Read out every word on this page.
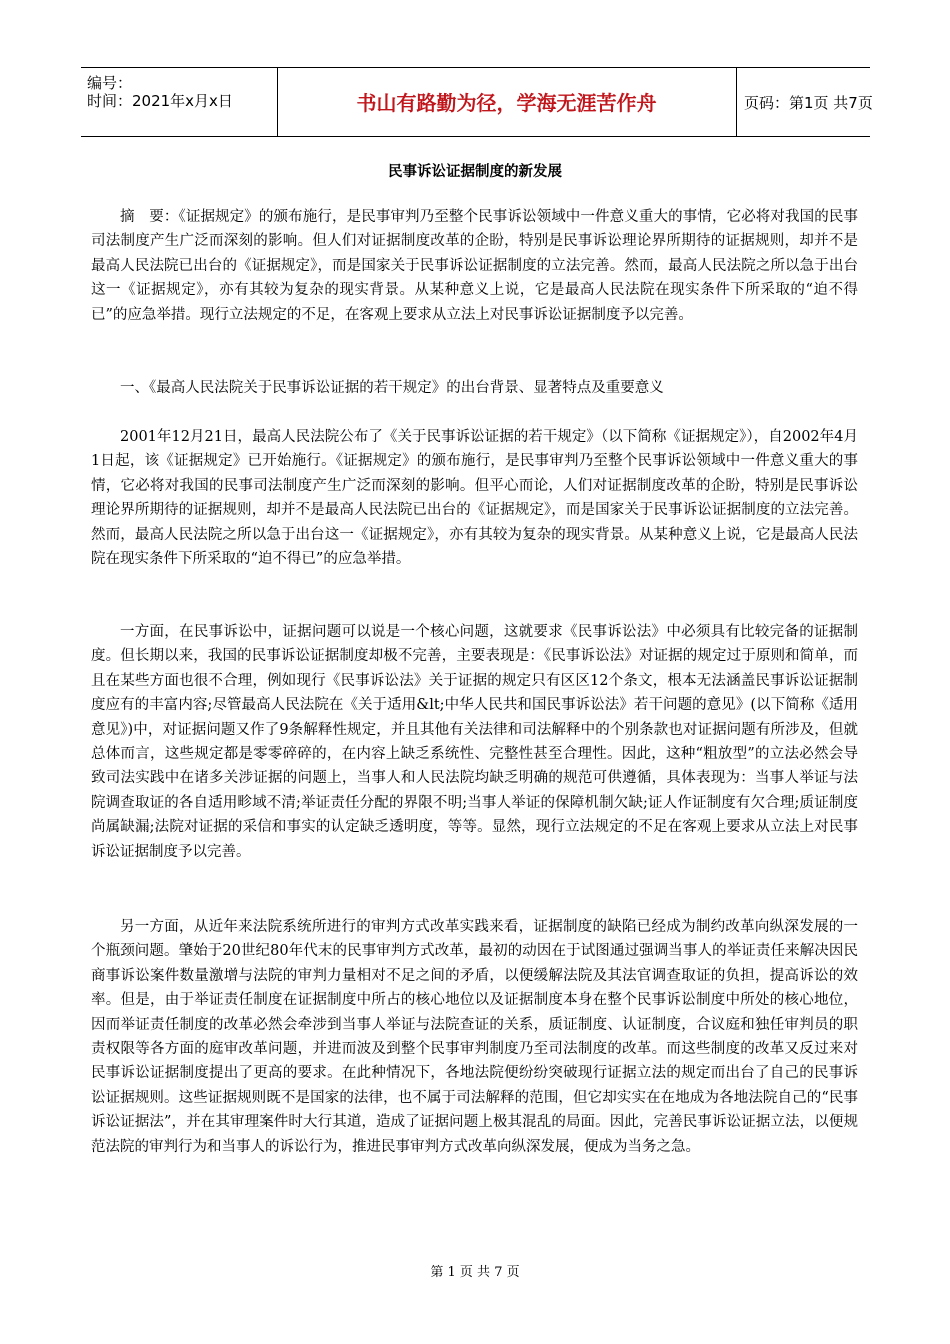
编号：
时间：2021年x月x日	书山有路勤为径，学海无涯苦作舟	页码：第1页 共7页
民事诉讼证据制度的新发展

摘　要：《证据规定》的颁布施行，是民事审判乃至整个民事诉讼领域中一件意义重大的事情，它必将对我国的民事司法制度产生广泛而深刻的影响。但人们对证据制度改革的企盼，特别是民事诉讼理论界所期待的证据规则，却并不是最高人民法院已出台的《证据规定》，而是国家关于民事诉讼证据制度的立法完善。然而，最高人民法院之所以急于出台这一《证据规定》，亦有其较为复杂的现实背景。从某种意义上说，它是最高人民法院在现实条件下所采取的“迫不得已”的应急举措。现行立法规定的不足，在客观上要求从立法上对民事诉讼证据制度予以完善。

一、《最高人民法院关于民事诉讼证据的若干规定》的出台背景、显著特点及重要意义

2001年12月21日，最高人民法院公布了《关于民事诉讼证据的若干规定》（以下简称《证据规定》），自2002年4月1日起，该《证据规定》已开始施行。《证据规定》的颁布施行，是民事审判乃至整个民事诉讼领域中一件意义重大的事情，它必将对我国的民事司法制度产生广泛而深刻的影响。但平心而论，人们对证据制度改革的企盼，特别是民事诉讼理论界所期待的证据规则，却并不是最高人民法院已出台的《证据规定》，而是国家关于民事诉讼证据制度的立法完善。然而，最高人民法院之所以急于出台这一《证据规定》，亦有其较为复杂的现实背景。从某种意义上说，它是最高人民法院在现实条件下所采取的“迫不得已”的应急举措。

一方面，在民事诉讼中，证据问题可以说是一个核心问题，这就要求《民事诉讼法》中必须具有比较完备的证据制度。但长期以来，我国的民事诉讼证据制度却极不完善，主要表现是：《民事诉讼法》对证据的规定过于原则和简单，而且在某些方面也很不合理，例如现行《民事诉讼法》关于证据的规定只有区区12个条文，根本无法涵盖民事诉讼证据制度应有的丰富内容;尽管最高人民法院在《关于适用&lt;中华人民共和国民事诉讼法》若干问题的意见》(以下简称《适用意见》)中，对证据问题又作了9条解释性规定，并且其他有关法律和司法解释中的个别条款也对证据问题有所涉及，但就总体而言，这些规定都是零零碎碎的，在内容上缺乏系统性、完整性甚至合理性。因此，这种“粗放型”的立法必然会导致司法实践中在诸多关涉证据的问题上，当事人和人民法院均缺乏明确的规范可供遵循，具体表现为：当事人举证与法院调查取证的各自适用畛域不清;举证责任分配的界限不明;当事人举证的保障机制欠缺;证人作证制度有欠合理;质证制度尚属缺漏;法院对证据的采信和事实的认定缺乏透明度，等等。显然，现行立法规定的不足在客观上要求从立法上对民事诉讼证据制度予以完善。

另一方面，从近年来法院系统所进行的审判方式改革实践来看，证据制度的缺陷已经成为制约改革向纵深发展的一个瓶颈问题。肇始于20世纪80年代末的民事审判方式改革，最初的动因在于试图通过强调当事人的举证责任来解决因民商事诉讼案件数量激增与法院的审判力量相对不足之间的矛盾，以便缓解法院及其法官调查取证的负担，提高诉讼的效率。但是，由于举证责任制度在证据制度中所占的核心地位以及证据制度本身在整个民事诉讼制度中所处的核心地位，因而举证责任制度的改革必然会牵涉到当事人举证与法院查证的关系，质证制度、认证制度，合议庭和独任审判员的职责权限等各方面的庭审改革问题，并进而波及到整个民事审判制度乃至司法制度的改革。而这些制度的改革又反过来对民事诉讼证据制度提出了更高的要求。在此种情况下，各地法院便纷纷突破现行证据立法的规定而出台了自己的民事诉讼证据规则。这些证据规则既不是国家的法律，也不属于司法解释的范围，但它却实实在在地成为各地法院自己的“民事诉讼证据法”，并在其审理案件时大行其道，造成了证据问题上极其混乱的局面。因此，完善民事诉讼证据立法，以便规范法院的审判行为和当事人的诉讼行为，推进民事审判方式改革向纵深发展，便成为当务之急。

第 1 页 共 7 页
